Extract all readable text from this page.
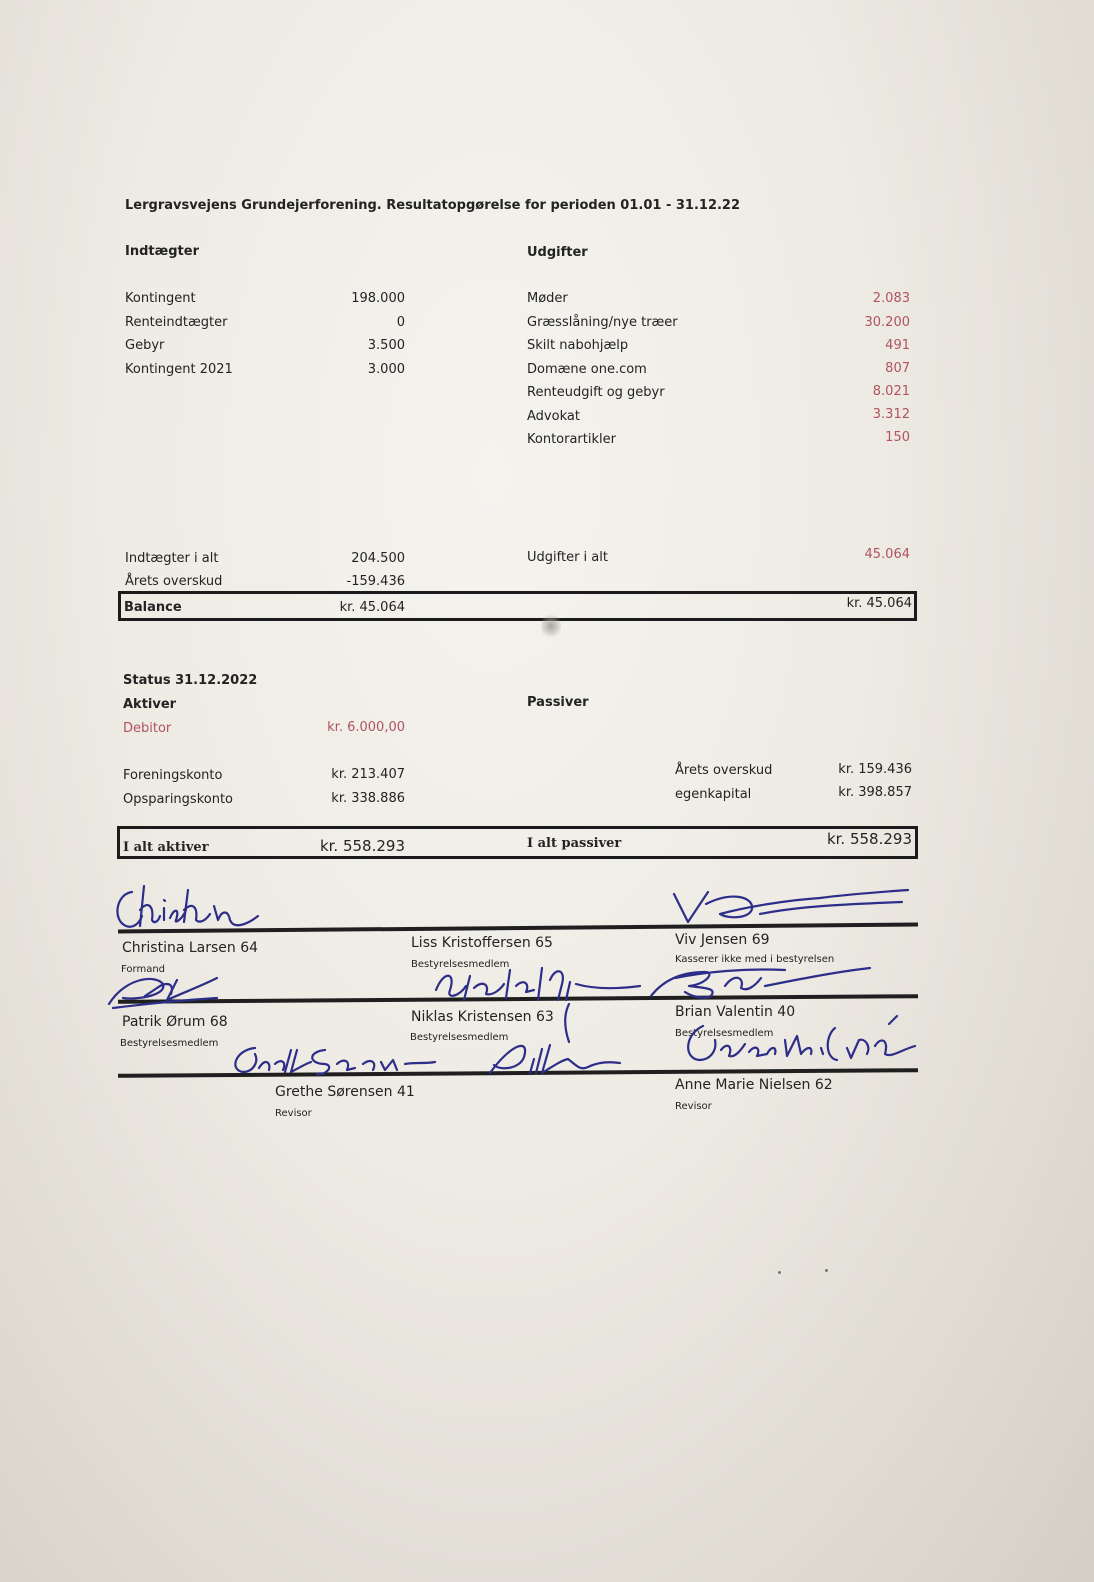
Lergravsvejens Grundejerforening. Resultatopgørelse for perioden 01.01 - 31.12.22
Indtægter
Kontingent	198.000
Renteindtægter	0
Gebyr	3.500
Kontingent 2021	3.000
Udgifter
Møder	2.083
Græsslåning/nye træer	30.200
Skilt nabohjælp	491
Domæne one.com	807
Renteudgift og gebyr	8.021
Advokat	3.312
Kontorartikler	150
Indtægter i alt	204.500	Udgifter i alt	45.064
Årets overskud	-159.436
Balance	kr. 45.064	kr. 45.064
Status 31.12.2022
Aktiver	Passiver
Debitor	kr. 6.000,00
Foreningskonto	kr. 213.407
Opsparingskonto	kr. 338.886
Årets overskud	kr. 159.436
egenkapital	kr. 398.857
I alt aktiver	kr. 558.293	I alt passiver	kr. 558.293
Christina Larsen 64
Formand
Liss Kristoffersen 65
Bestyrelsesmedlem
Viv Jensen 69
Kasserer ikke med i bestyrelsen
Patrik Ørum 68
Bestyrelsesmedlem
Niklas Kristensen 63
Bestyrelsesmedlem
Brian Valentin 40
Bestyrelsesmedlem
Grethe Sørensen 41
Revisor
Anne Marie Nielsen 62
Revisor
